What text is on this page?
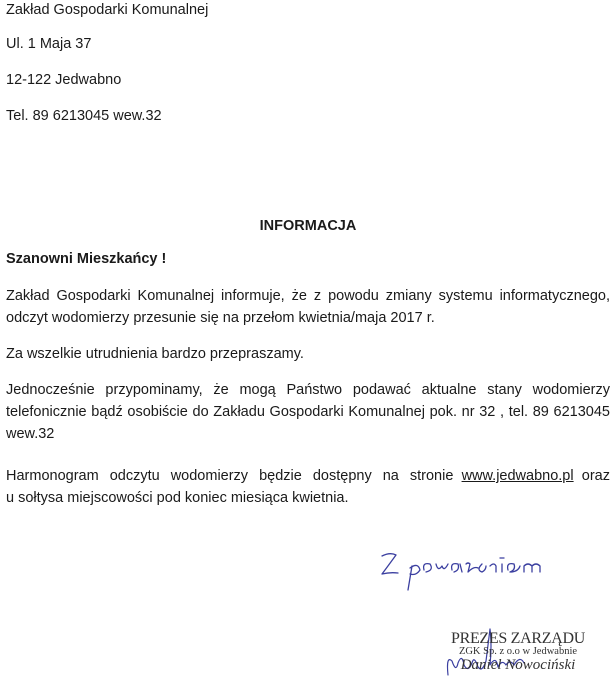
Zakład Gospodarki Komunalnej
Ul. 1 Maja 37
12-122 Jedwabno
Tel. 89 6213045 wew.32
INFORMACJA
Szanowni Mieszkańcy !
Zakład Gospodarki Komunalnej informuje, że z powodu zmiany systemu informatycznego,
odczyt wodomierzy przesunie się na przełom kwietnia/maja 2017 r.
Za wszelkie utrudnienia bardzo przepraszamy.
Jednocześnie przypominamy, że mogą Państwo podawać aktualne stany wodomierzy
telefonicznie bądź osobiście do Zakładu Gospodarki Komunalnej pok. nr 32 , tel. 89 6213045
wew.32
Harmonogram odczytu wodomierzy będzie dostępny na stronie www.jedwabno.pl oraz
u sołtysa miejscowości pod koniec miesiąca kwietnia.
PREZES ZARZĄDU
ZGK Sp. z o.o w Jedwabnie
Daniel Nowociński
